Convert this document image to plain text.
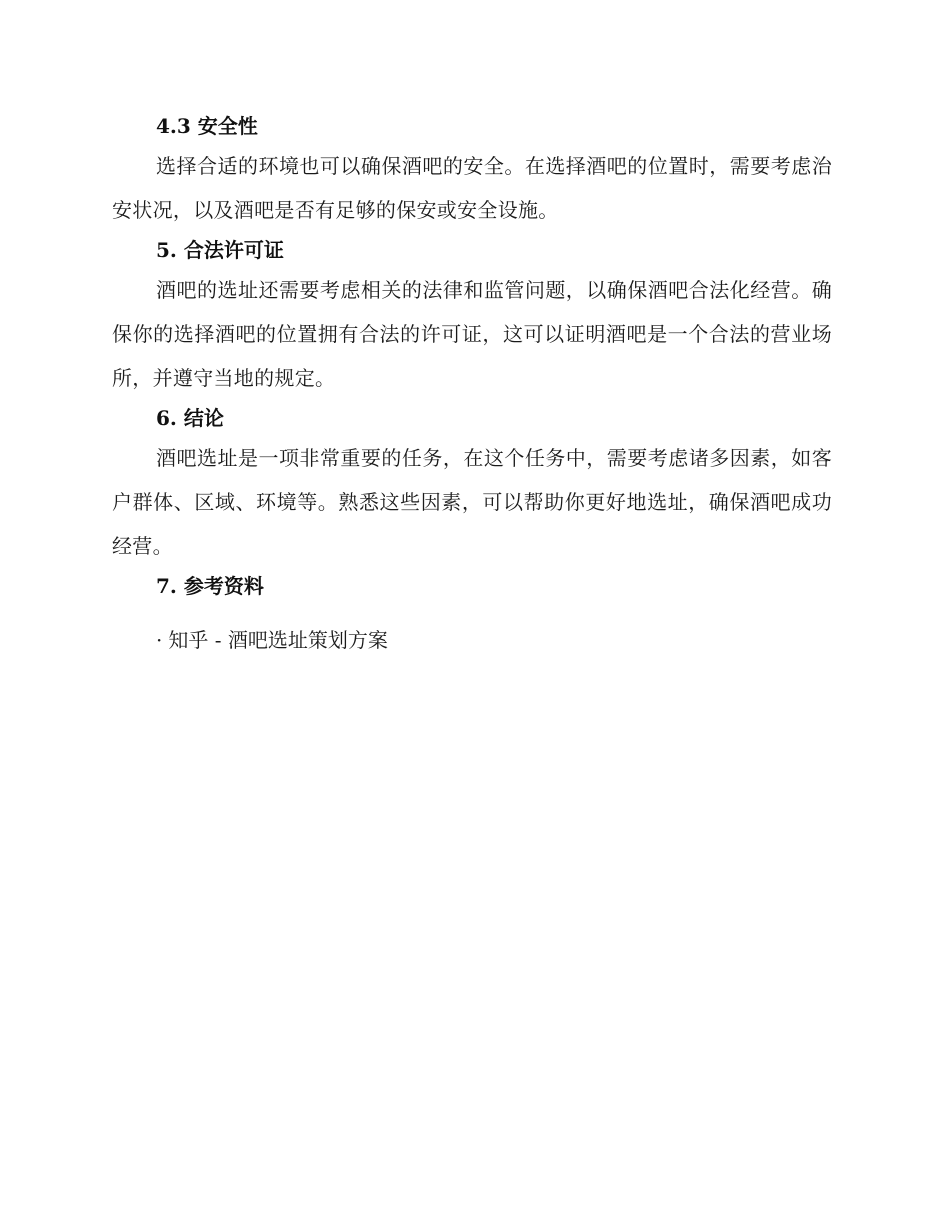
4.3 安全性

选择合适的环境也可以确保酒吧的安全。在选择酒吧的位置时，需要考虑治安状况，以及酒吧是否有足够的保安或安全设施。

5. 合法许可证

酒吧的选址还需要考虑相关的法律和监管问题，以确保酒吧合法化经营。确保你的选择酒吧的位置拥有合法的许可证，这可以证明酒吧是一个合法的营业场所，并遵守当地的规定。

6. 结论

酒吧选址是一项非常重要的任务，在这个任务中，需要考虑诸多因素，如客户群体、区域、环境等。熟悉这些因素，可以帮助你更好地选址，确保酒吧成功经营。

7. 参考资料
· 知乎 - 酒吧选址策划方案
